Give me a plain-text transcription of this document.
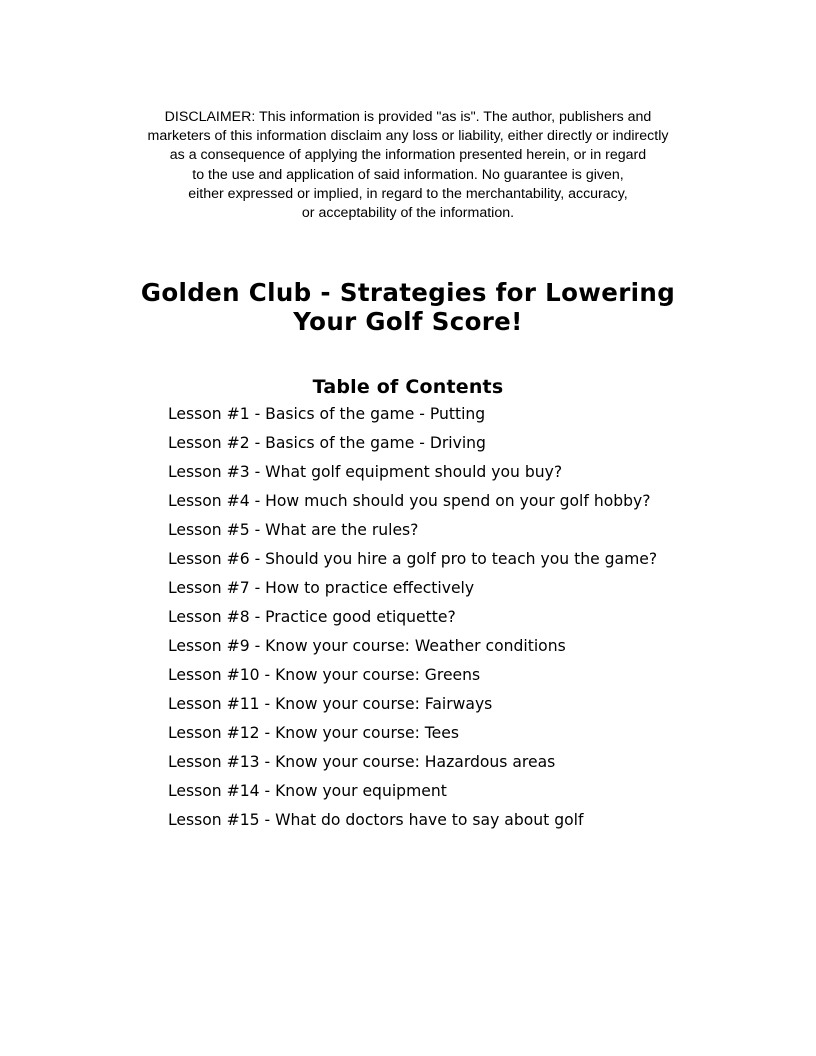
DISCLAIMER: This information is provided "as is". The author, publishers and
marketers of this information disclaim any loss or liability, either directly or indirectly
as a consequence of applying the information presented herein, or in regard
to the use and application of said information. No guarantee is given,
either expressed or implied, in regard to the merchantability, accuracy,
or acceptability of the information.
Golden Club - Strategies for Lowering
Your Golf Score!
Table of Contents
Lesson #1 - Basics of the game - Putting
Lesson #2 - Basics of the game - Driving
Lesson #3 - What golf equipment should you buy?
Lesson #4 - How much should you spend on your golf hobby?
Lesson #5 - What are the rules?
Lesson #6 - Should you hire a golf pro to teach you the game?
Lesson #7 - How to practice effectively
Lesson #8 - Practice good etiquette?
Lesson #9 - Know your course: Weather conditions
Lesson #10 - Know your course: Greens
Lesson #11 - Know your course: Fairways
Lesson #12 - Know your course: Tees
Lesson #13 - Know your course: Hazardous areas
Lesson #14 - Know your equipment
Lesson #15 - What do doctors have to say about golf
